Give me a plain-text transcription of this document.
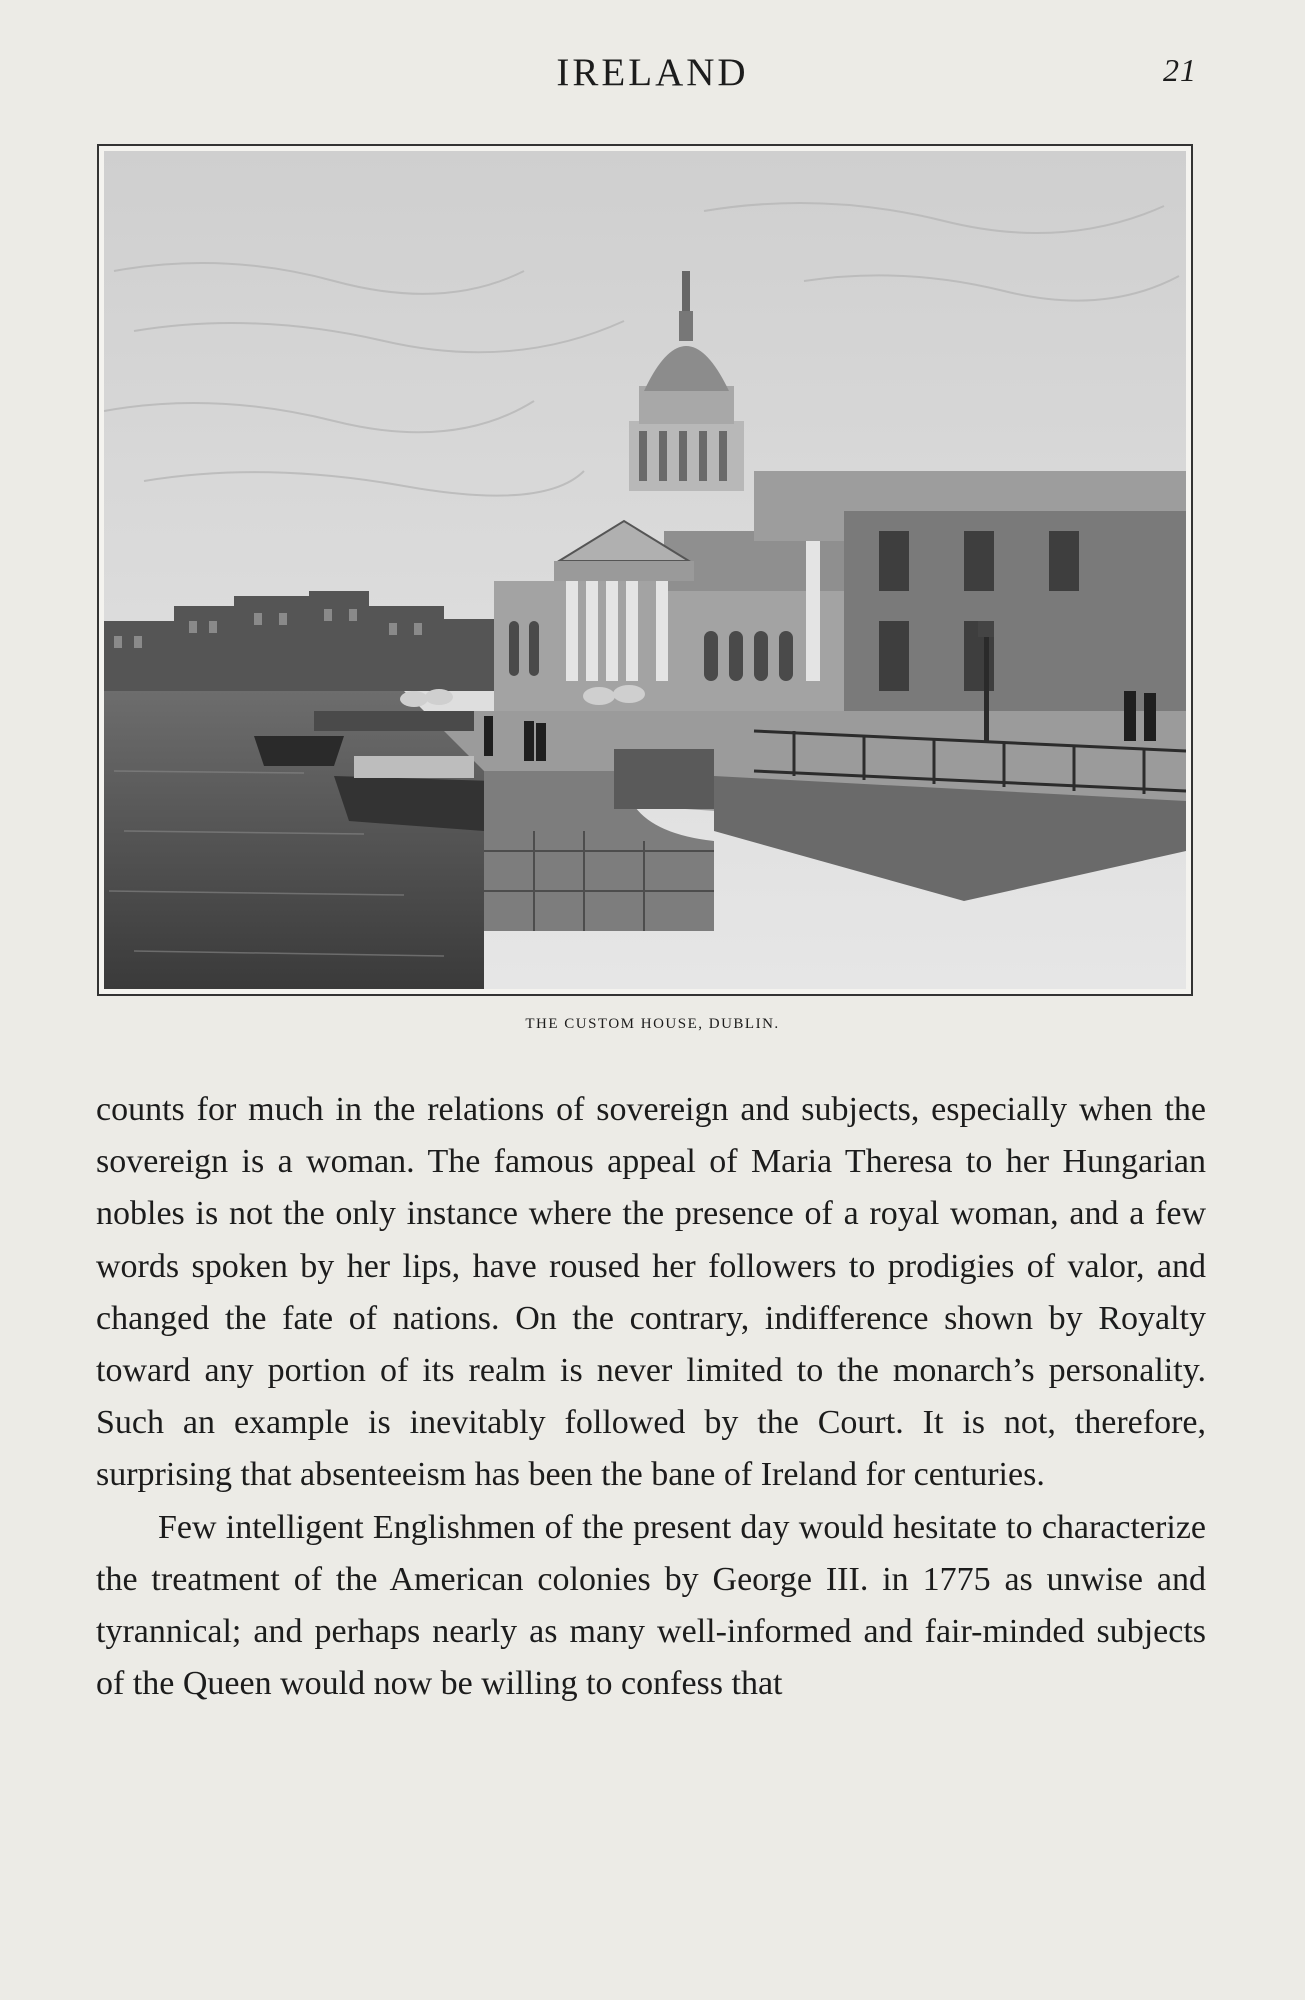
IRELAND	21
THE CUSTOM HOUSE, DUBLIN.

counts for much in the relations of sovereign and subjects, especially when the sovereign is a woman. The famous appeal of Maria Theresa to her Hungarian nobles is not the only instance where the presence of a royal woman, and a few words spoken by her lips, have roused her followers to prodigies of valor, and changed the fate of nations. On the contrary, indifference shown by Royalty toward any portion of its realm is never limited to the monarch’s personality. Such an example is inevitably followed by the Court. It is not, therefore, surprising that absenteeism has been the bane of Ireland for centuries.

Few intelligent Englishmen of the present day would hesitate to characterize the treatment of the American colonies by George III. in 1775 as unwise and tyrannical; and perhaps nearly as many well-informed and fair-minded subjects of the Queen would now be willing to confess that
